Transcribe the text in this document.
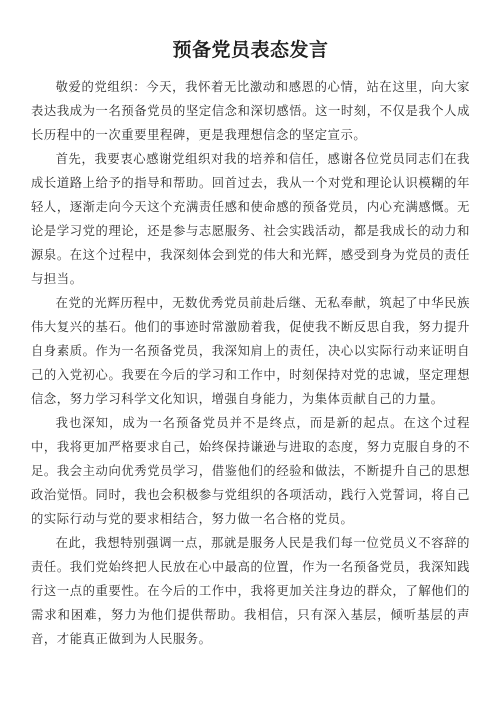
预备党员表态发言

敬爱的党组织：今天，我怀着无比激动和感恩的心情，站在这里，向大家表达我成为一名预备党员的坚定信念和深切感悟。这一时刻，不仅是我个人成长历程中的一次重要里程碑，更是我理想信念的坚定宣示。

首先，我要衷心感谢党组织对我的培养和信任，感谢各位党员同志们在我成长道路上给予的指导和帮助。回首过去，我从一个对党和理论认识模糊的年轻人，逐渐走向今天这个充满责任感和使命感的预备党员，内心充满感慨。无论是学习党的理论，还是参与志愿服务、社会实践活动，都是我成长的动力和源泉。在这个过程中，我深刻体会到党的伟大和光辉，感受到身为党员的责任与担当。

在党的光辉历程中，无数优秀党员前赴后继、无私奉献，筑起了中华民族伟大复兴的基石。他们的事迹时常激励着我，促使我不断反思自我，努力提升自身素质。作为一名预备党员，我深知肩上的责任，决心以实际行动来证明自己的入党初心。我要在今后的学习和工作中，时刻保持对党的忠诚，坚定理想信念，努力学习科学文化知识，增强自身能力，为集体贡献自己的力量。

我也深知，成为一名预备党员并不是终点，而是新的起点。在这个过程中，我将更加严格要求自己，始终保持谦逊与进取的态度，努力克服自身的不足。我会主动向优秀党员学习，借鉴他们的经验和做法，不断提升自己的思想政治觉悟。同时，我也会积极参与党组织的各项活动，践行入党誓词，将自己的实际行动与党的要求相结合，努力做一名合格的党员。

在此，我想特别强调一点，那就是服务人民是我们每一位党员义不容辞的责任。我们党始终把人民放在心中最高的位置，作为一名预备党员，我深知践行这一点的重要性。在今后的工作中，我将更加关注身边的群众，了解他们的需求和困难，努力为他们提供帮助。我相信，只有深入基层，倾听基层的声音，才能真正做到为人民服务。
